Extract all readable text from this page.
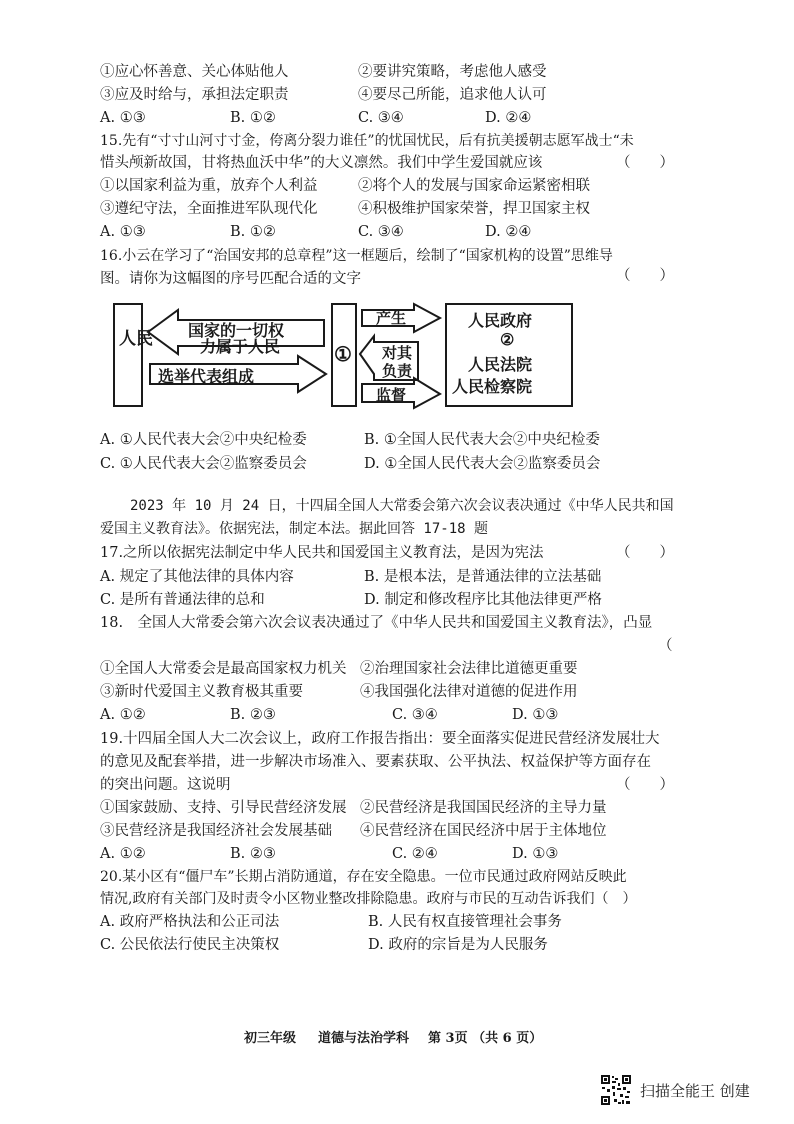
①应心怀善意、关心体贴他人	②要讲究策略，考虑他人感受
③应及时给与，承担法定职责	④要尽己所能，追求他人认可
A. ①③	B. ①②	C. ③④	D. ②④
15.先有“寸寸山河寸寸金，侉离分裂力谁任”的忧国忧民，后有抗美援朝志愿军战士“未
惜头颅新故国，甘将热血沃中华”的大义凛然。我们中学生爱国就应该	（　　）
①以国家利益为重，放弃个人利益	②将个人的发展与国家命运紧密相联
③遵纪守法，全面推进军队现代化	④积极维护国家荣誉，捍卫国家主权
A. ①③	B. ①②	C. ③④	D. ②④
16.小云在学习了“治国安邦的总章程”这一框题后，绘制了“国家机构的设置”思维导
图。请你为这幅图的序号匹配合适的文字	（　　）
人民 国家的一切权
力属于人民
选举代表组成
①
产生
对其
负责
监督
人民政府
②
人民法院
人民检察院
A. ①人民代表大会②中央纪检委	B. ①全国人民代表大会②中央纪检委
C. ①人民代表大会②监察委员会	D. ①全国人民代表大会②监察委员会
2023 年 10 月 24 日，十四届全国人大常委会第六次会议表决通过《中华人民共和国
爱国主义教育法》。依据宪法，制定本法。据此回答 17-18 题
17.之所以依据宪法制定中华人民共和国爱国主义教育法，是因为宪法	（　　）
A. 规定了其他法律的具体内容	B. 是根本法，是普通法律的立法基础
C. 是所有普通法律的总和	D. 制定和修改程序比其他法律更严格
18.　全国人大常委会第六次会议表决通过了《中华人民共和国爱国主义教育法》，凸显
（
①全国人大常委会是最高国家权力机关 ②治理国家社会法律比道德更重要
③新时代爱国主义教育极其重要	④我国强化法律对道德的促进作用
A. ①②	B. ②③	C. ③④	D. ①③
19.十四届全国人大二次会议上，政府工作报告指出：要全面落实促进民营经济发展壮大
的意见及配套举措，进一步解决市场准入、要素获取、公平执法、权益保护等方面存在
的突出问题。这说明	（　　）
①国家鼓励、支持、引导民营经济发展 ②民营经济是我国国民经济的主导力量
③民营经济是我国经济社会发展基础 ④民营经济在国民经济中居于主体地位
A. ①②	B. ②③	C. ②④	D. ①③
20.某小区有“僵尸车”长期占消防通道，存在安全隐患。一位市民通过政府网站反映此
情况,政府有关部门及时责令小区物业整改排除隐患。政府与市民的互动告诉我们（　）
A. 政府严格执法和公正司法	B. 人民有权直接管理社会事务
C. 公民依法行使民主决策权	D. 政府的宗旨是为人民服务
初三年级 道德与法治学科 第 3页 （共 6 页）
扫描全能王 创建
